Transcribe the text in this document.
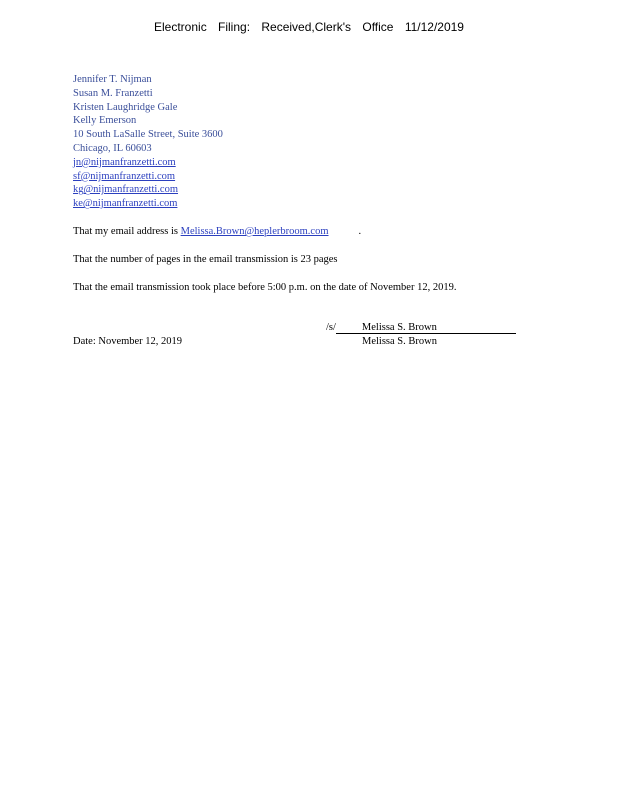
Electronic Filing: Received,Clerk's Office 11/12/2019
Jennifer T. Nijman
Susan M. Franzetti
Kristen Laughridge Gale
Kelly Emerson
10 South LaSalle Street, Suite 3600
Chicago, IL 60603
jn@nijmanfranzetti.com
sf@nijmanfranzetti.com
kg@nijmanfranzetti.com
ke@nijmanfranzetti.com
That my email address is Melissa.Brown@heplerbroom.com	.
That the number of pages in the email transmission is 23 pages
That the email transmission took place before 5:00 p.m. on the date of November 12, 2019.
/s/ Melissa S. Brown
Date: November 12, 2019	Melissa S. Brown
